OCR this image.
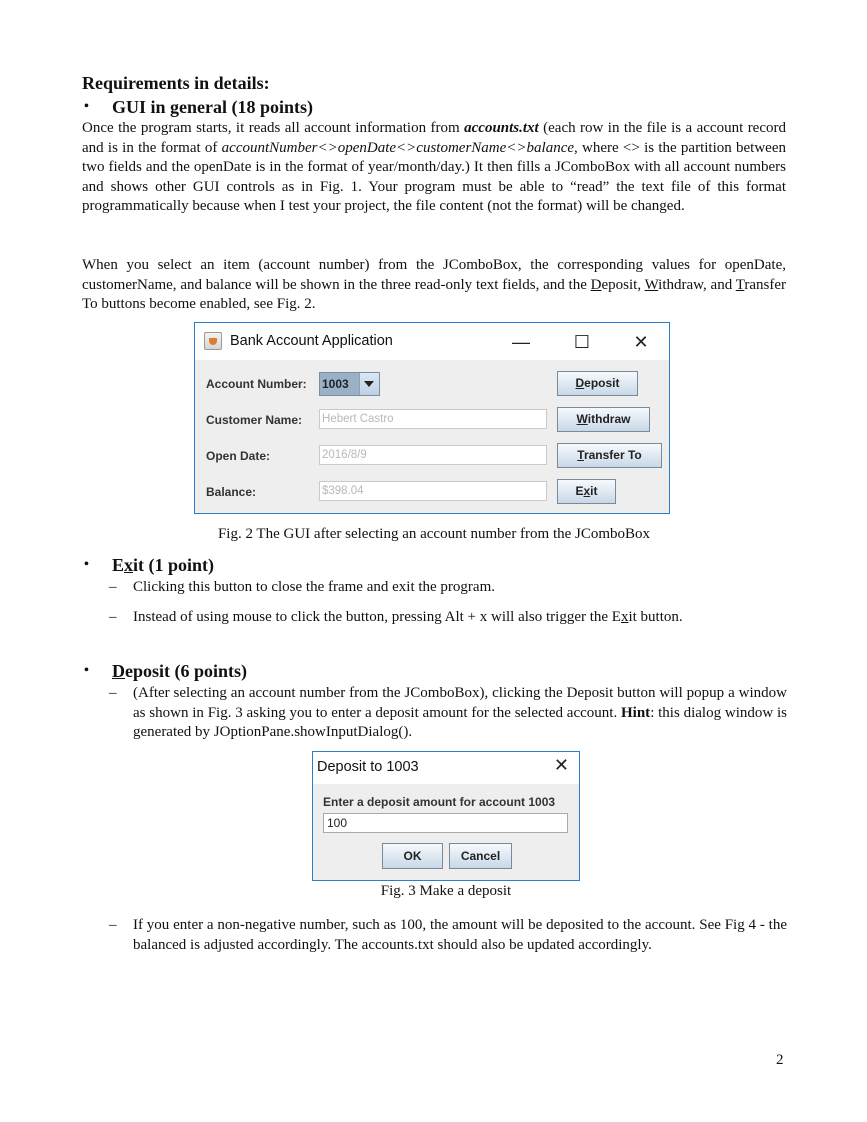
Requirements in details:
• GUI in general (18 points)
Once the program starts, it reads all account information from accounts.txt (each row in the file is a account record and is in the format of accountNumber<>openDate<>customerName<>balance, where <> is the partition between two fields and the openDate is in the format of year/month/day.) It then fills a JComboBox with all account numbers and shows other GUI controls as in Fig. 1. Your program must be able to “read” the text file of this format programmatically because when I test your project, the file content (not the format) will be changed.
When you select an item (account number) from the JComboBox, the corresponding values for openDate, customerName, and balance will be shown in the three read-only text fields, and the Deposit, Withdraw, and Transfer To buttons become enabled, see Fig. 2.
Bank Account Application	—	☐	✕
Account Number: 1003
Customer Name: Hebert Castro
Open Date:	2016/8/9
Balance:	$398.04
Deposit
Withdraw
Transfer To
Exit
Fig. 2 The GUI after selecting an account number from the JComboBox
• Exit (1 point)
– Clicking this button to close the frame and exit the program.
– Instead of using mouse to click the button, pressing Alt + x will also trigger the Exit button.
• Deposit (6 points)
– (After selecting an account number from the JComboBox), clicking the Deposit button will popup a window as shown in Fig. 3 asking you to enter a deposit amount for the selected account. Hint: this dialog window is generated by JOptionPane.showInputDialog().
Deposit to 1003	✕
Enter a deposit amount for account 1003
100
OK	Cancel
Fig. 3 Make a deposit
– If you enter a non-negative number, such as 100, the amount will be deposited to the account. See Fig 4 - the balanced is adjusted accordingly. The accounts.txt should also be updated accordingly.
2
